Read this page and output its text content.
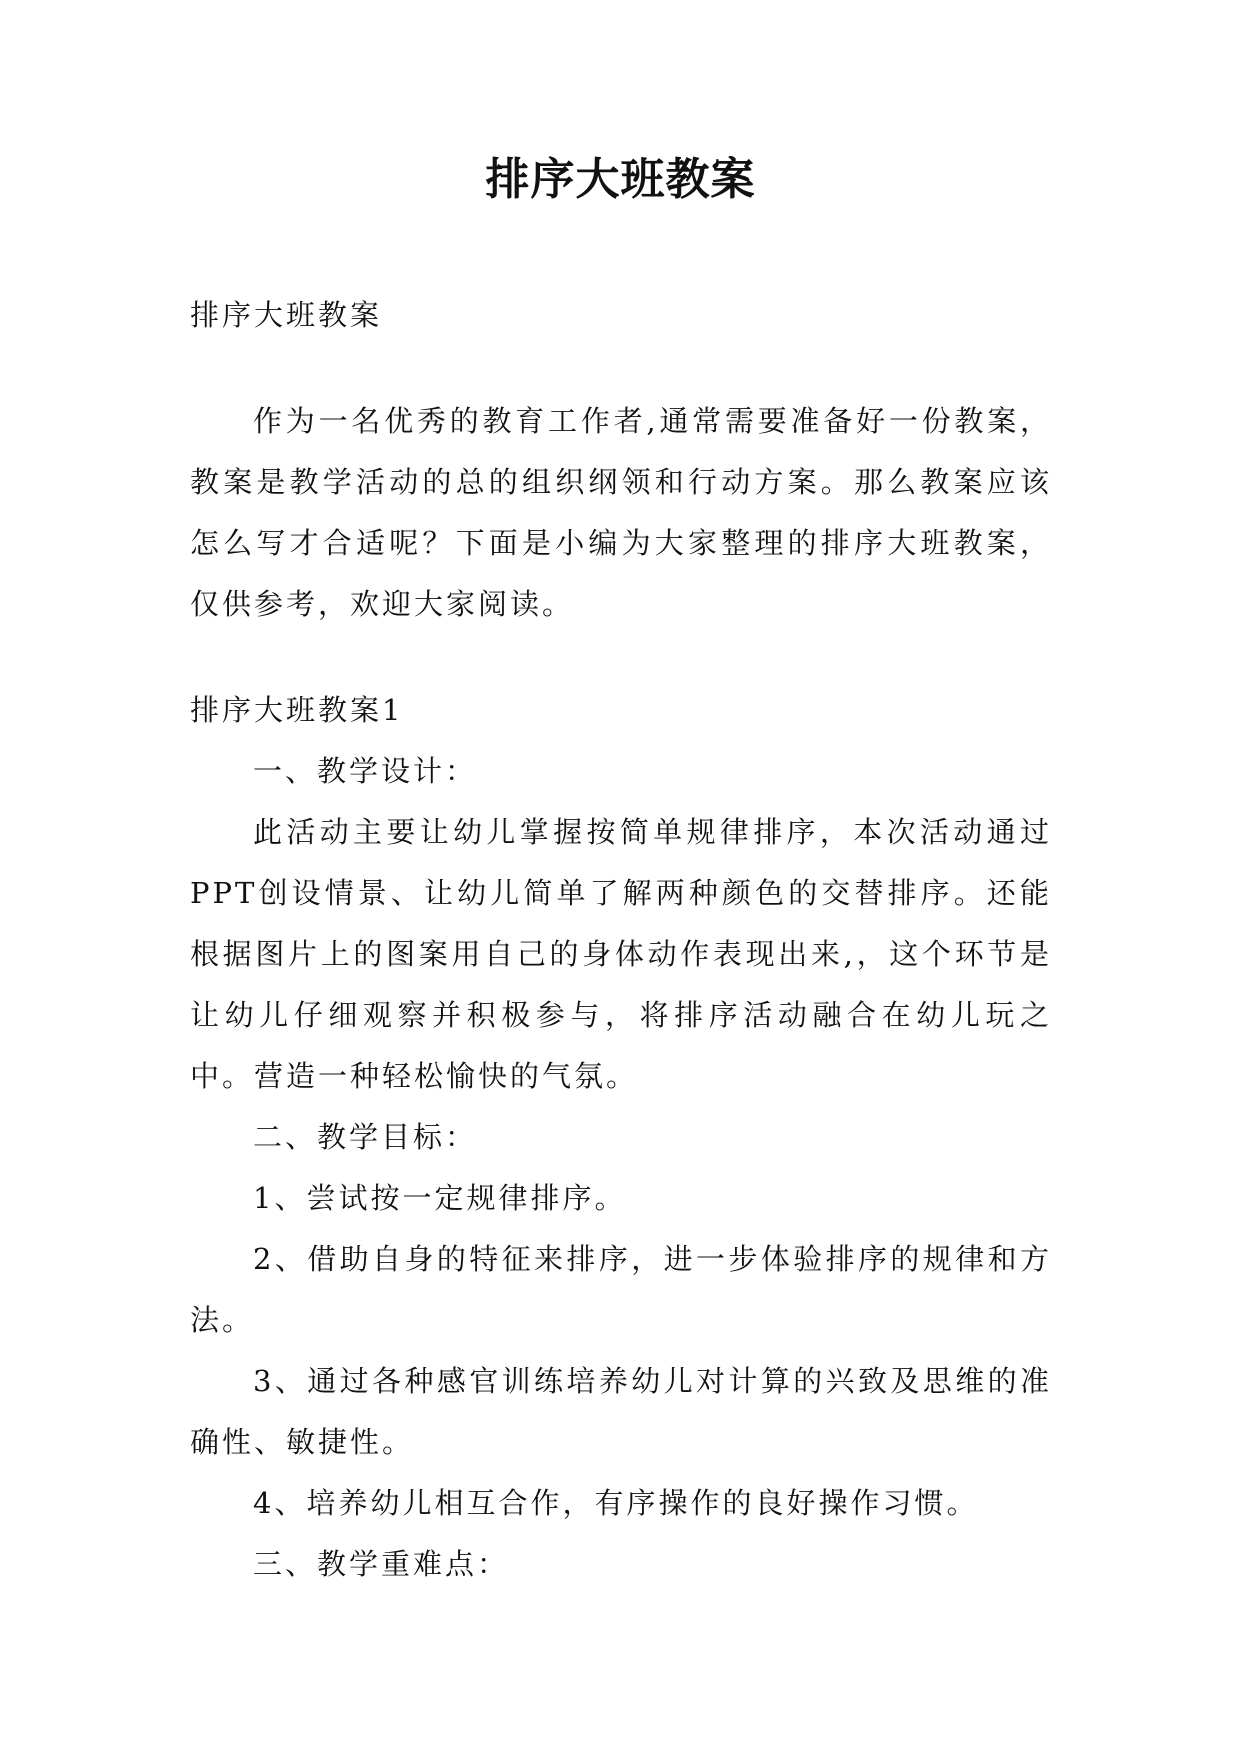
排序大班教案

排序大班教案

作为一名优秀的教育工作者,通常需要准备好一份教案，教案是教学活动的总的组织纲领和行动方案。那么教案应该怎么写才合适呢？下面是小编为大家整理的排序大班教案，仅供参考，欢迎大家阅读。

排序大班教案1

一、教学设计：

此活动主要让幼儿掌握按简单规律排序，本次活动通过PPT创设情景、让幼儿简单了解两种颜色的交替排序。还能根据图片上的图案用自己的身体动作表现出来,，这个环节是让幼儿仔细观察并积极参与，将排序活动融合在幼儿玩之中。营造一种轻松愉快的气氛。

二、教学目标：

1、尝试按一定规律排序。

2、借助自身的特征来排序，进一步体验排序的规律和方法。

3、通过各种感官训练培养幼儿对计算的兴致及思维的准确性、敏捷性。

4、培养幼儿相互合作，有序操作的良好操作习惯。

三、教学重难点：
